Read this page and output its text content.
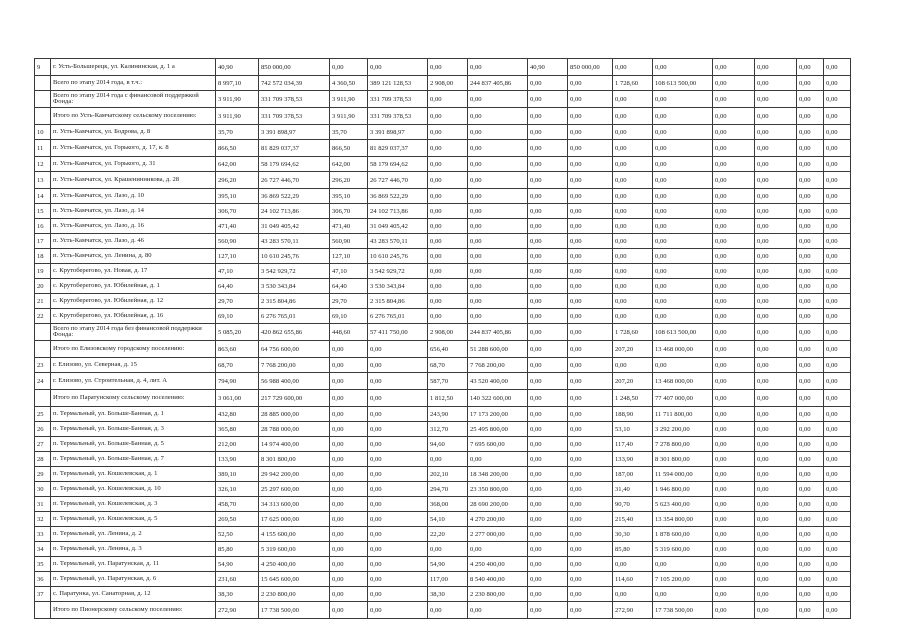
9	г. Усть-Большерецк, ул. Калининская, д. 1 а	40,90	850 000,00	0,00	0,00	0,00	0,00	40,90	850 000,00	0,00	0,00	0,00	0,00	0,00	0,00
	Всего по этапу 2014 года, в т.ч.:	8 997,10	742 572 034,39	4 360,50	389 121 128,53	2 908,00	244 837 405,86	0,00	0,00	1 728,60	108 613 500,00	0,00	0,00	0,00	0,00
	Всего по этапу 2014 года с финансовой поддержкой Фонда:	3 911,90	331 709 378,53	3 911,90	331 709 378,53	0,00	0,00	0,00	0,00	0,00	0,00	0,00	0,00	0,00	0,00
	Итого по Усть-Камчатскому сельскому поселению:	3 911,90	331 709 378,53	3 911,90	331 709 378,53	0,00	0,00	0,00	0,00	0,00	0,00	0,00	0,00	0,00	0,00
10	п. Усть-Камчатск, ул. Бодрова, д. 8	35,70	3 391 898,97	35,70	3 391 898,97	0,00	0,00	0,00	0,00	0,00	0,00	0,00	0,00	0,00	0,00
11	п. Усть-Камчатск, ул. Горького, д. 17, к. 8	866,50	81 829 037,37	866,50	81 829 037,37	0,00	0,00	0,00	0,00	0,00	0,00	0,00	0,00	0,00	0,00
12	п. Усть-Камчатск, ул. Горького, д. 31	642,00	58 179 694,62	642,00	58 179 694,62	0,00	0,00	0,00	0,00	0,00	0,00	0,00	0,00	0,00	0,00
13	п. Усть-Камчатск, ул. Крашенинникова, д. 28	296,20	26 727 446,70	296,20	26 727 446,70	0,00	0,00	0,00	0,00	0,00	0,00	0,00	0,00	0,00	0,00
14	п. Усть-Камчатск, ул. Лазо, д. 10	395,10	36 869 522,29	395,10	36 869 522,29	0,00	0,00	0,00	0,00	0,00	0,00	0,00	0,00	0,00	0,00
15	п. Усть-Камчатск, ул. Лазо, д. 14	306,70	24 102 713,86	306,70	24 102 713,86	0,00	0,00	0,00	0,00	0,00	0,00	0,00	0,00	0,00	0,00
16	п. Усть-Камчатск, ул. Лазо, д. 16	471,40	31 049 405,42	471,40	31 049 405,42	0,00	0,00	0,00	0,00	0,00	0,00	0,00	0,00	0,00	0,00
17	п. Усть-Камчатск, ул. Лазо, д. 46	560,90	43 283 570,11	560,90	43 283 570,11	0,00	0,00	0,00	0,00	0,00	0,00	0,00	0,00	0,00	0,00
18	п. Усть-Камчатск, ул. Ленина, д. 80	127,10	10 610 245,76	127,10	10 610 245,76	0,00	0,00	0,00	0,00	0,00	0,00	0,00	0,00	0,00	0,00
19	с. Крутоберегово, ул. Новая, д. 17	47,10	3 542 929,72	47,10	3 542 929,72	0,00	0,00	0,00	0,00	0,00	0,00	0,00	0,00	0,00	0,00
20	с. Крутоберегово, ул. Юбилейная, д. 1	64,40	3 530 343,84	64,40	3 530 343,84	0,00	0,00	0,00	0,00	0,00	0,00	0,00	0,00	0,00	0,00
21	с. Крутоберегово, ул. Юбилейная, д. 12	29,70	2 315 804,86	29,70	2 315 804,86	0,00	0,00	0,00	0,00	0,00	0,00	0,00	0,00	0,00	0,00
22	с. Крутоберегово, ул. Юбилейная, д. 16	69,10	6 276 765,01	69,10	6 276 765,01	0,00	0,00	0,00	0,00	0,00	0,00	0,00	0,00	0,00	0,00
	Всего по этапу 2014 года без финансовой поддержки Фонда:	5 085,20	420 862 655,86	448,60	57 411 750,00	2 908,00	244 837 405,86	0,00	0,00	1 728,60	108 613 500,00	0,00	0,00	0,00	0,00
	Итого по Елизовскому городскому поселению:	863,60	64 756 600,00	0,00	0,00	656,40	51 288 600,00	0,00	0,00	207,20	13 468 000,00	0,00	0,00	0,00	0,00
23	г. Елизово, ул. Северная, д. 15	68,70	7 768 200,00	0,00	0,00	68,70	7 768 200,00	0,00	0,00	0,00	0,00	0,00	0,00	0,00	0,00
24	г. Елизово, ул. Строительная, д. 4, лит. А	794,90	56 988 400,00	0,00	0,00	587,70	43 520 400,00	0,00	0,00	207,20	13 468 000,00	0,00	0,00	0,00	0,00
	Итого по Паратунскому сельскому поселению:	3 061,00	217 729 600,00	0,00	0,00	1 812,50	140 322 600,00	0,00	0,00	1 248,50	77 407 000,00	0,00	0,00	0,00	0,00
25	п. Термальный, ул. Больше-Банная, д. 1	432,80	28 885 000,00	0,00	0,00	243,90	17 173 200,00	0,00	0,00	188,90	11 711 800,00	0,00	0,00	0,00	0,00
26	п. Термальный, ул. Больше-Банная, д. 3	365,80	28 788 000,00	0,00	0,00	312,70	25 495 800,00	0,00	0,00	53,10	3 292 200,00	0,00	0,00	0,00	0,00
27	п. Термальный, ул. Больше-Банная, д. 5	212,00	14 974 400,00	0,00	0,00	94,60	7 695 600,00	0,00	0,00	117,40	7 278 800,00	0,00	0,00	0,00	0,00
28	п. Термальный, ул. Больше-Банная, д. 7	133,90	8 301 800,00	0,00	0,00	0,00	0,00	0,00	0,00	133,90	8 301 800,00	0,00	0,00	0,00	0,00
29	п. Термальный, ул. Кошелевская, д. 1	389,10	29 942 200,00	0,00	0,00	202,10	18 348 200,00	0,00	0,00	187,00	11 594 000,00	0,00	0,00	0,00	0,00
30	п. Термальный, ул. Кошелевская, д. 10	326,10	25 297 600,00	0,00	0,00	294,70	23 350 800,00	0,00	0,00	31,40	1 946 800,00	0,00	0,00	0,00	0,00
31	п. Термальный, ул. Кошелевская, д. 3	458,70	34 313 600,00	0,00	0,00	368,00	28 690 200,00	0,00	0,00	90,70	5 623 400,00	0,00	0,00	0,00	0,00
32	п. Термальный, ул. Кошелевская, д. 5	269,50	17 625 000,00	0,00	0,00	54,10	4 270 200,00	0,00	0,00	215,40	13 354 800,00	0,00	0,00	0,00	0,00
33	п. Термальный, ул. Ленина, д. 2	52,50	4 155 600,00	0,00	0,00	22,20	2 277 000,00	0,00	0,00	30,30	1 878 600,00	0,00	0,00	0,00	0,00
34	п. Термальный, ул. Ленина, д. 3	85,80	5 319 600,00	0,00	0,00	0,00	0,00	0,00	0,00	85,80	5 319 600,00	0,00	0,00	0,00	0,00
35	п. Термальный, ул. Паратунская, д. 11	54,90	4 250 400,00	0,00	0,00	54,90	4 250 400,00	0,00	0,00	0,00	0,00	0,00	0,00	0,00	0,00
36	п. Термальный, ул. Паратунская, д. 6	231,60	15 645 600,00	0,00	0,00	117,00	8 540 400,00	0,00	0,00	114,60	7 105 200,00	0,00	0,00	0,00	0,00
37	с. Паратунка, ул. Санаторная, д. 12	38,30	2 230 800,00	0,00	0,00	38,30	2 230 800,00	0,00	0,00	0,00	0,00	0,00	0,00	0,00	0,00
	Итого по Пионерскому сельскому поселению:	272,90	17 738 500,00	0,00	0,00	0,00	0,00	0,00	0,00	272,90	17 738 500,00	0,00	0,00	0,00	0,00
